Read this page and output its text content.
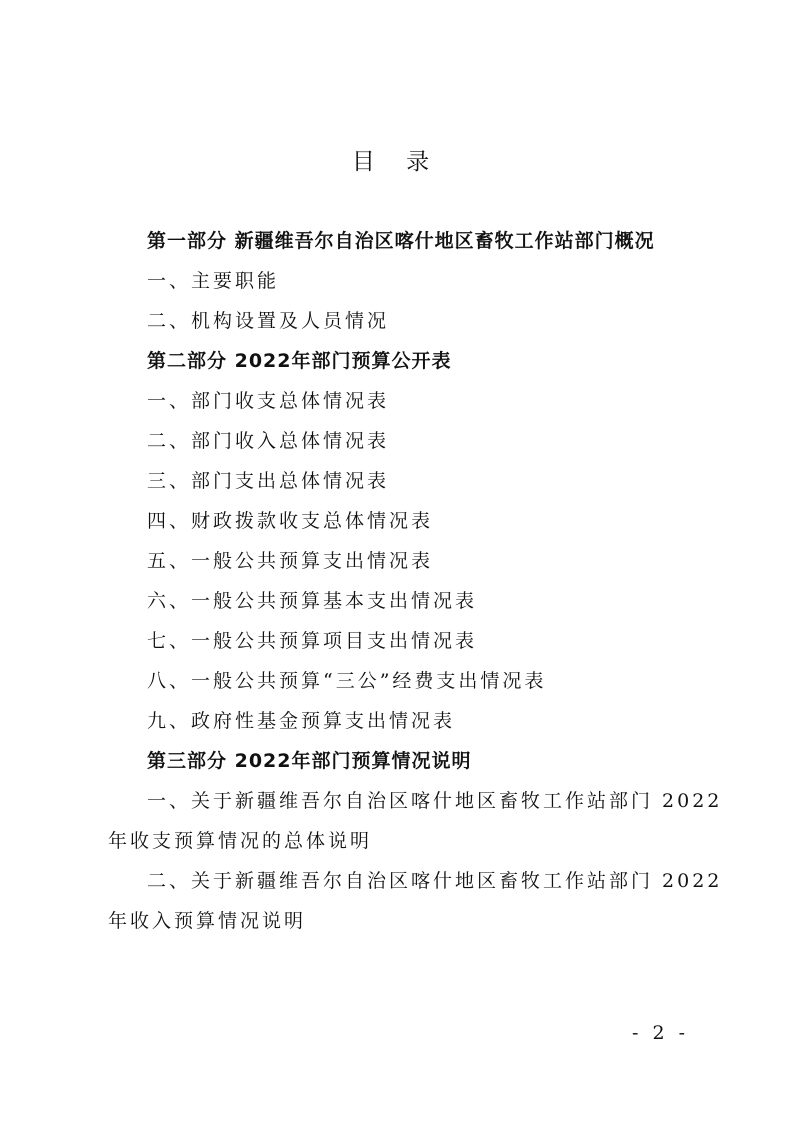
目 录
第一部分 新疆维吾尔自治区喀什地区畜牧工作站部门概况
一、主要职能
二、机构设置及人员情况
第二部分 2022年部门预算公开表
一、部门收支总体情况表
二、部门收入总体情况表
三、部门支出总体情况表
四、财政拨款收支总体情况表
五、一般公共预算支出情况表
六、一般公共预算基本支出情况表
七、一般公共预算项目支出情况表
八、一般公共预算“三公”经费支出情况表
九、政府性基金预算支出情况表
第三部分 2022年部门预算情况说明
一、关于新疆维吾尔自治区喀什地区畜牧工作站部门 2022
年收支预算情况的总体说明
二、关于新疆维吾尔自治区喀什地区畜牧工作站部门 2022
年收入预算情况说明
- 2 -
